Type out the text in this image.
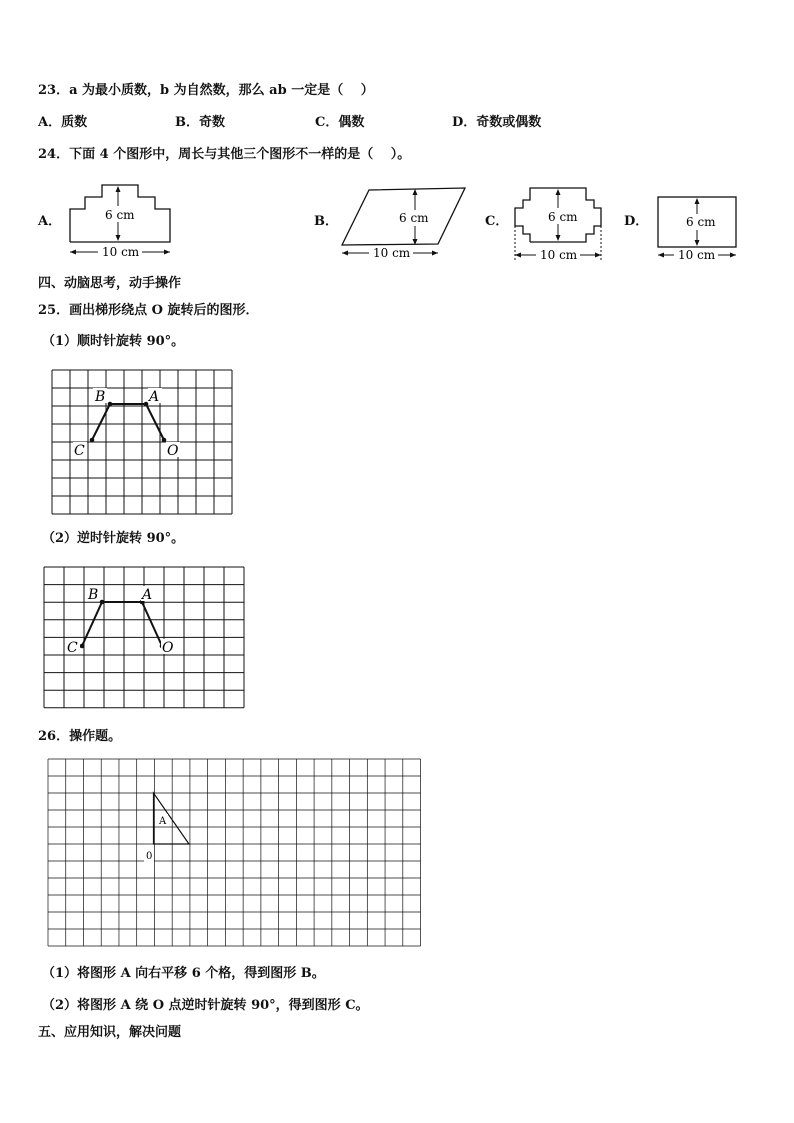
23．a 为最小质数，b 为自然数，那么 ab 一定是（　 ）
A．质数	B．奇数	C．偶数	D．奇数或偶数
24．下面 4 个图形中，周长与其他三个图形不一样的是（　 ）。
A．	6 cm
10 cm
B．	6 cm
10 cm
C．	6 cm
10 cm
D．	6 cm
10 cm
四、动脑思考，动手操作
25．画出梯形绕点 O 旋转后的图形．
（1）顺时针旋转 90°。
B	A
C	O
（2）逆时针旋转 90°。
B	A
C	O
26．操作题。
A
0
（1）将图形 A 向右平移 6 个格，得到图形 B。
（2）将图形 A 绕 O 点逆时针旋转 90°，得到图形 C。
五、应用知识，解决问题
